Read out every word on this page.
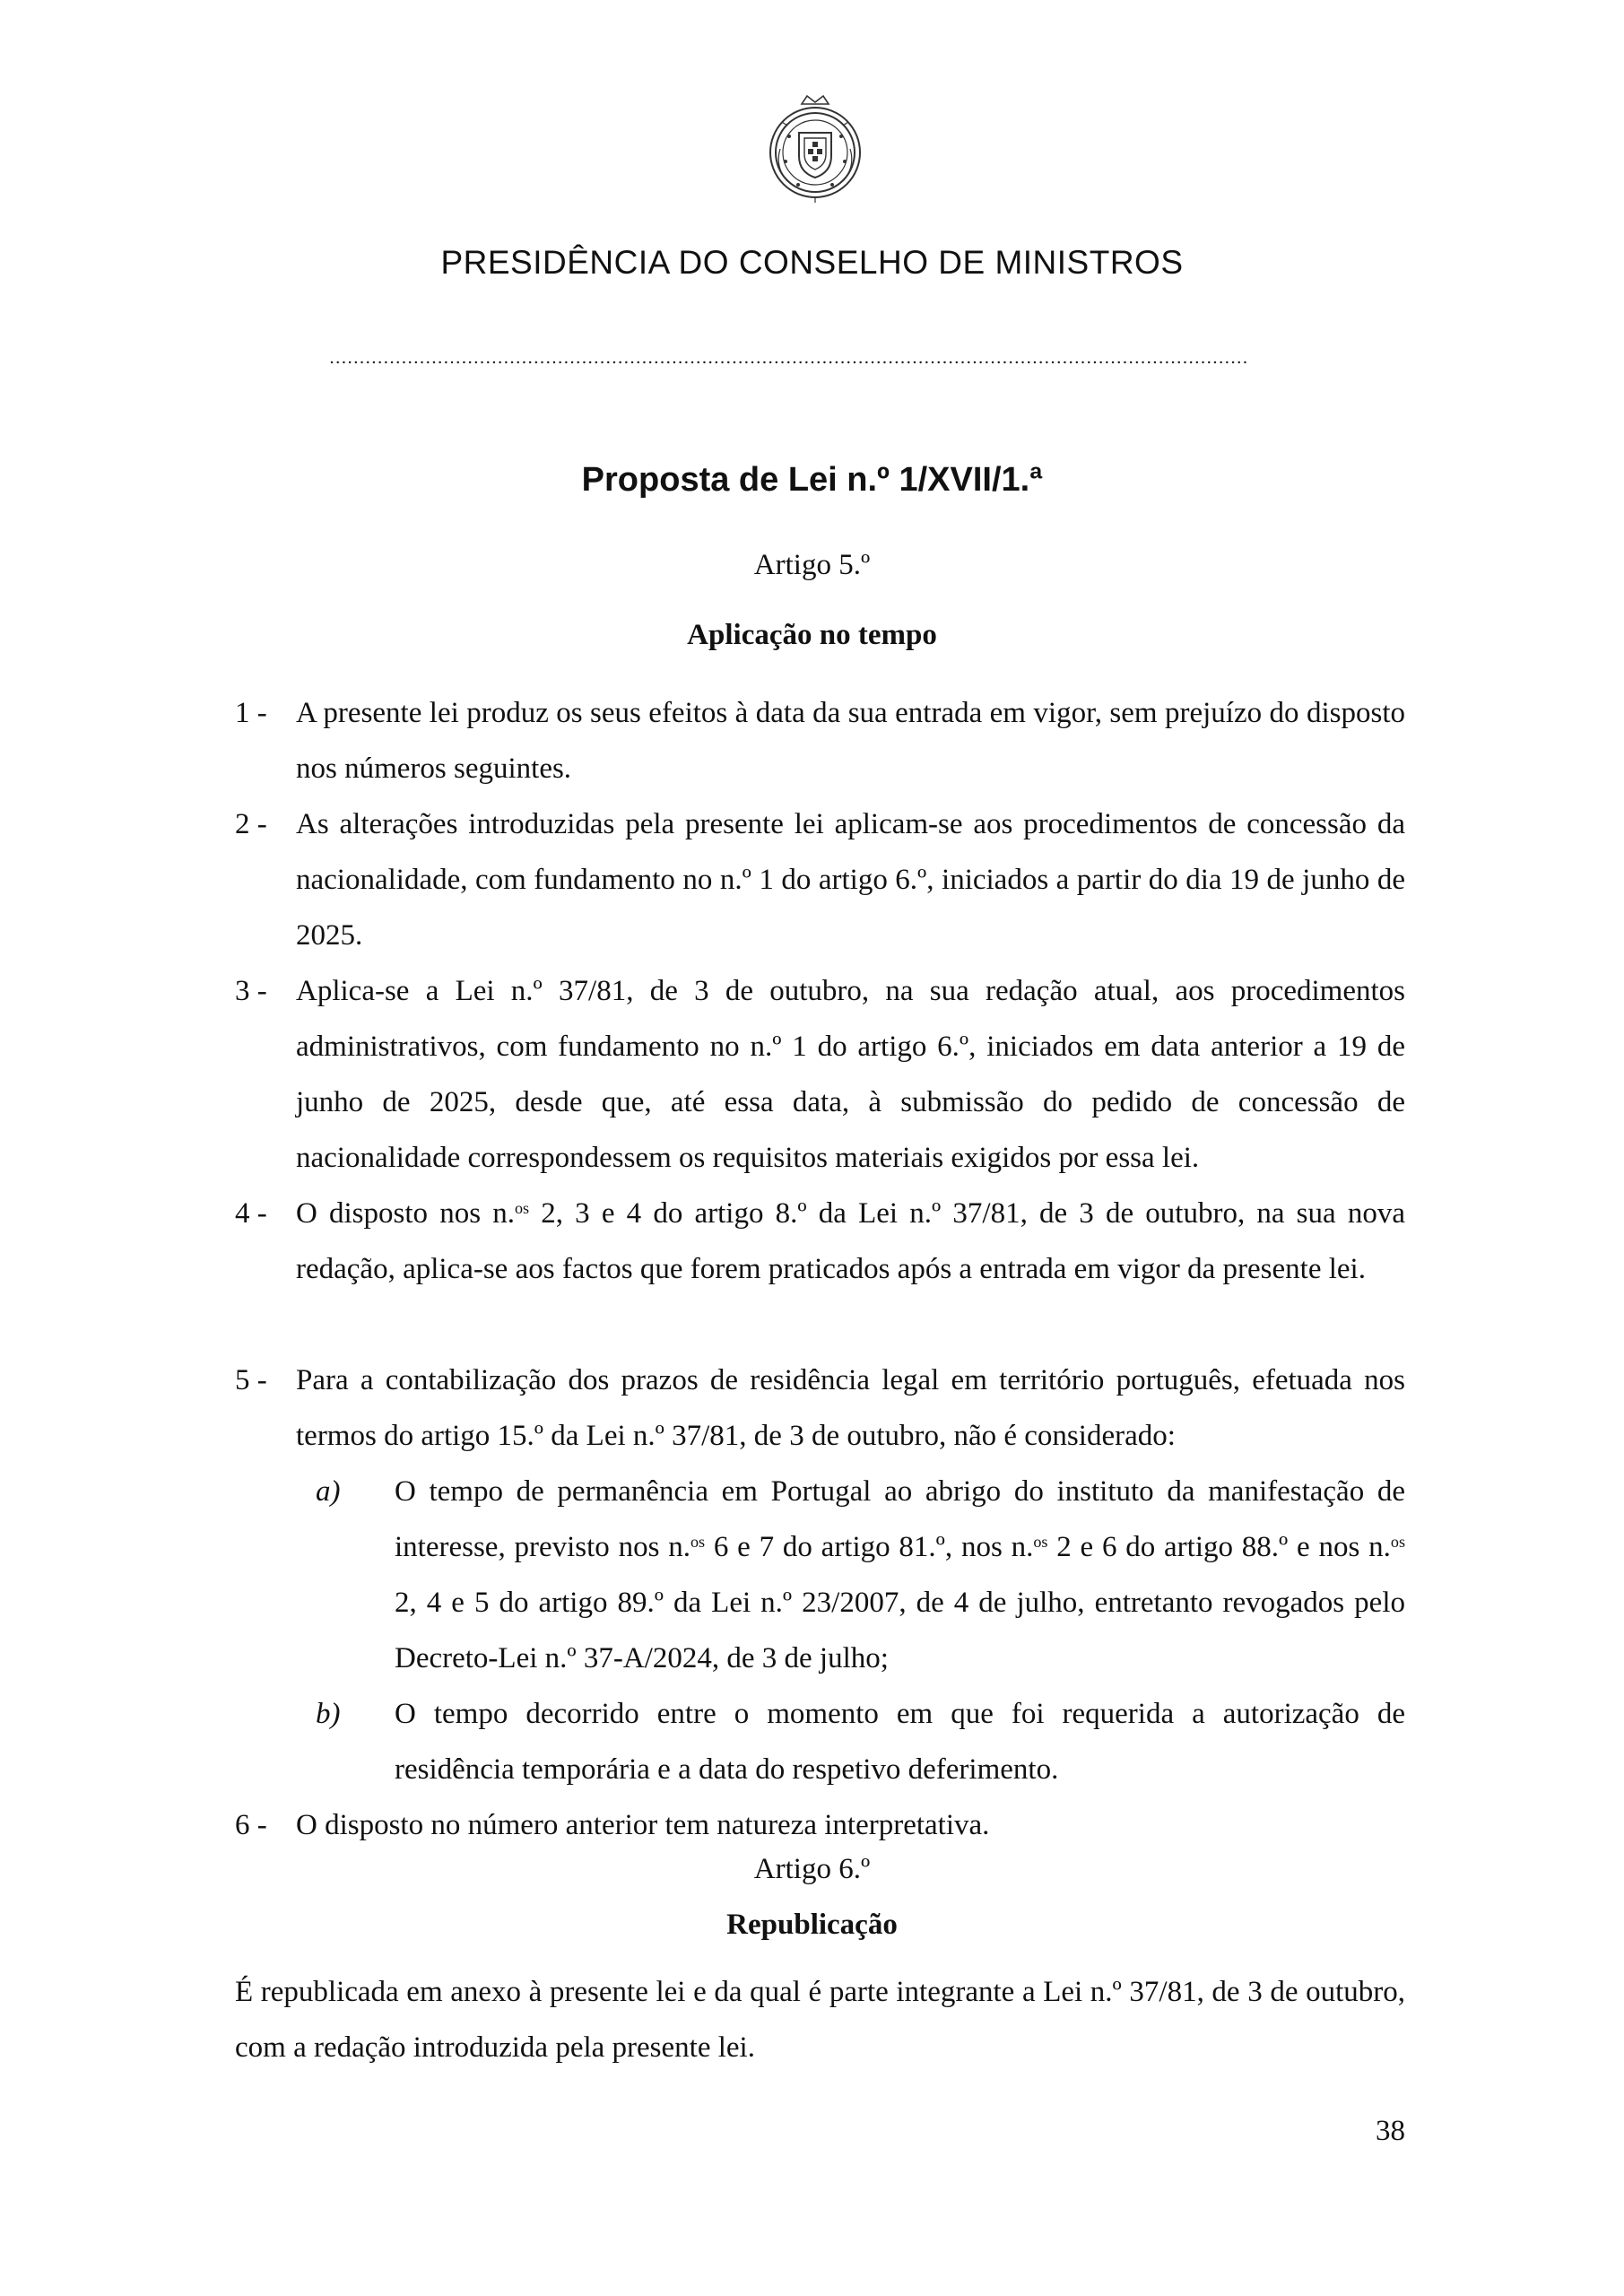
PRESIDÊNCIA DO CONSELHO DE MINISTROS
Proposta de Lei n.º 1/XVII/1.ª
Artigo 5.º
Aplicação no tempo
1 - A presente lei produz os seus efeitos à data da sua entrada em vigor, sem prejuízo do disposto nos números seguintes.
2 - As alterações introduzidas pela presente lei aplicam-se aos procedimentos de concessão da nacionalidade, com fundamento no n.º 1 do artigo 6.º, iniciados a partir do dia 19 de junho de 2025.
3 - Aplica-se a Lei n.º 37/81, de 3 de outubro, na sua redação atual, aos procedimentos administrativos, com fundamento no n.º 1 do artigo 6.º, iniciados em data anterior a 19 de junho de 2025, desde que, até essa data, à submissão do pedido de concessão de nacionalidade correspondessem os requisitos materiais exigidos por essa lei.
4 - O disposto nos n.$^{os}$ 2, 3 e 4 do artigo 8.º da Lei n.º 37/81, de 3 de outubro, na sua nova redação, aplica-se aos factos que forem praticados após a entrada em vigor da presente lei.
5 - Para a contabilização dos prazos de residência legal em território português, efetuada nos termos do artigo 15.º da Lei n.º 37/81, de 3 de outubro, não é considerado:
a) O tempo de permanência em Portugal ao abrigo do instituto da manifestação de interesse, previsto nos n.$^{os}$ 6 e 7 do artigo 81.º, nos n.$^{os}$ 2 e 6 do artigo 88.º e nos n.$^{os}$ 2, 4 e 5 do artigo 89.º da Lei n.º 23/2007, de 4 de julho, entretanto revogados pelo Decreto-Lei n.º 37-A/2024, de 3 de julho;
b) O tempo decorrido entre o momento em que foi requerida a autorização de residência temporária e a data do respetivo deferimento.
6 - O disposto no número anterior tem natureza interpretativa.
Artigo 6.º
Republicação
É republicada em anexo à presente lei e da qual é parte integrante a Lei n.º 37/81, de 3 de outubro, com a redação introduzida pela presente lei.
38
